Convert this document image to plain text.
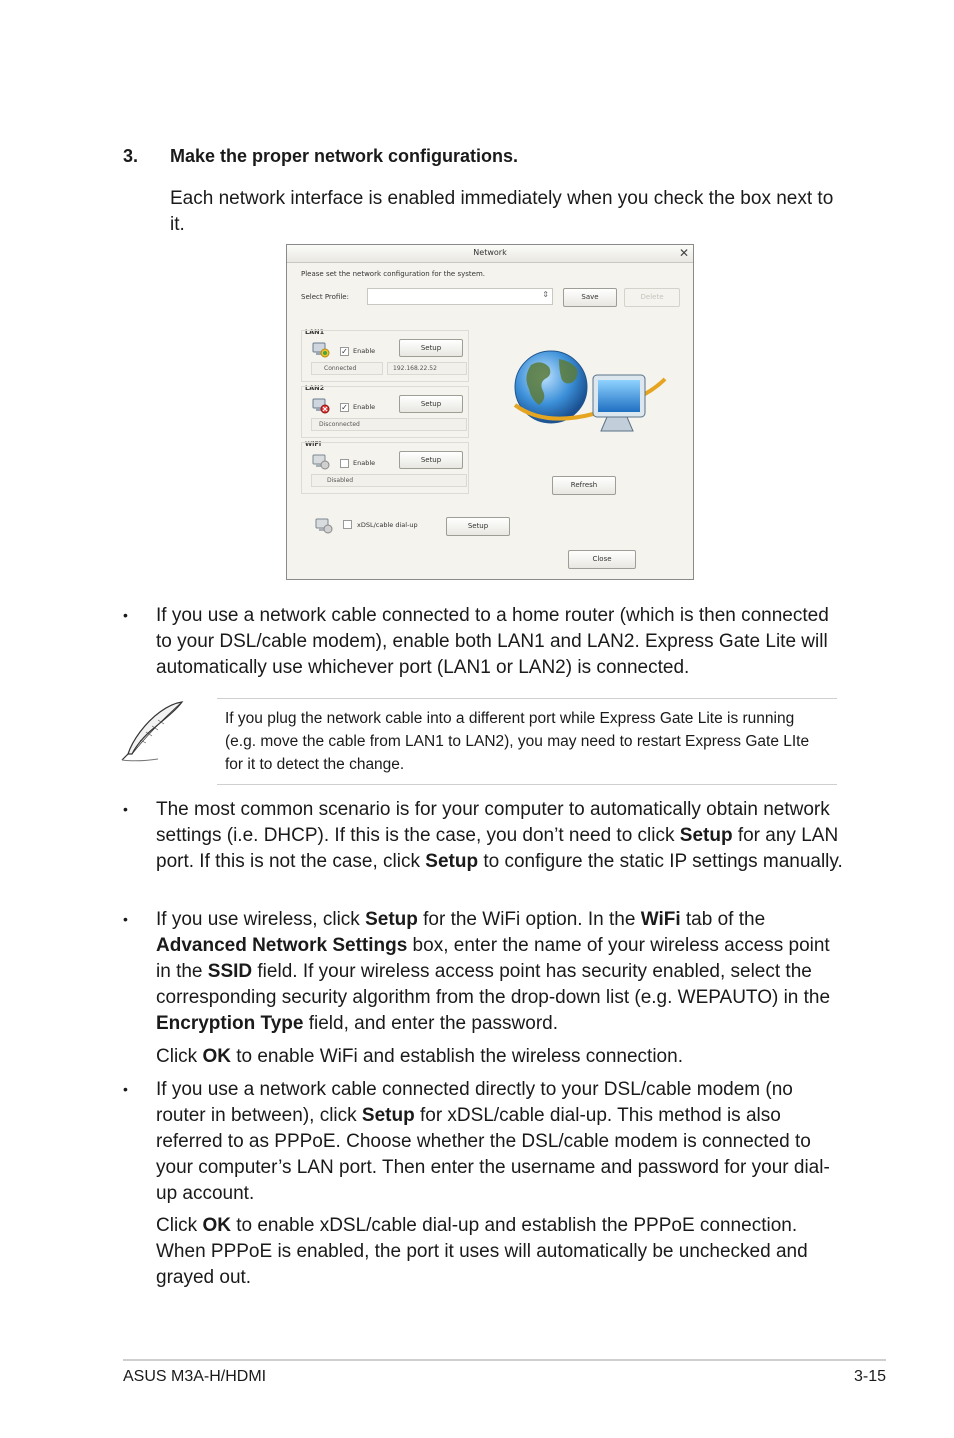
3. Make the proper network configurations.
Each network interface is enabled immediately when you check the box next to it.
Network	✕
Please set the network configuration for the system.
Select Profile:	⇕	Save	Delete
LAN1
✓ Enable	Setup
Connected	192.168.22.52
LAN2
✓ Enable	Setup
Disconnected
WiFi
Enable	Setup
Disabled
Refresh
xDSL/cable dial-up	Setup
Close
• If you use a network cable connected to a home router (which is then connected to your DSL/cable modem), enable both LAN1 and LAN2. Express Gate Lite will automatically use whichever port (LAN1 or LAN2) is connected.
If you plug the network cable into a different port while Express Gate Lite is running (e.g. move the cable from LAN1 to LAN2), you may need to restart Express Gate LIte for it to detect the change.
• The most common scenario is for your computer to automatically obtain network settings (i.e. DHCP). If this is the case, you don’t need to click Setup for any LAN port. If this is not the case, click Setup to configure the static IP settings manually.
• If you use wireless, click Setup for the WiFi option. In the WiFi tab of the Advanced Network Settings box, enter the name of your wireless access point in the SSID field. If your wireless access point has security enabled, select the corresponding security algorithm from the drop-down list (e.g. WEPAUTO) in the Encryption Type field, and enter the password.
Click OK to enable WiFi and establish the wireless connection.
• If you use a network cable connected directly to your DSL/cable modem (no router in between), click Setup for xDSL/cable dial-up. This method is also referred to as PPPoE. Choose whether the DSL/cable modem is connected to your computer’s LAN port. Then enter the username and password for your dial-up account.
Click OK to enable xDSL/cable dial-up and establish the PPPoE connection. When PPPoE is enabled, the port it uses will automatically be unchecked and grayed out.
ASUS M3A-H/HDMI	3-15
